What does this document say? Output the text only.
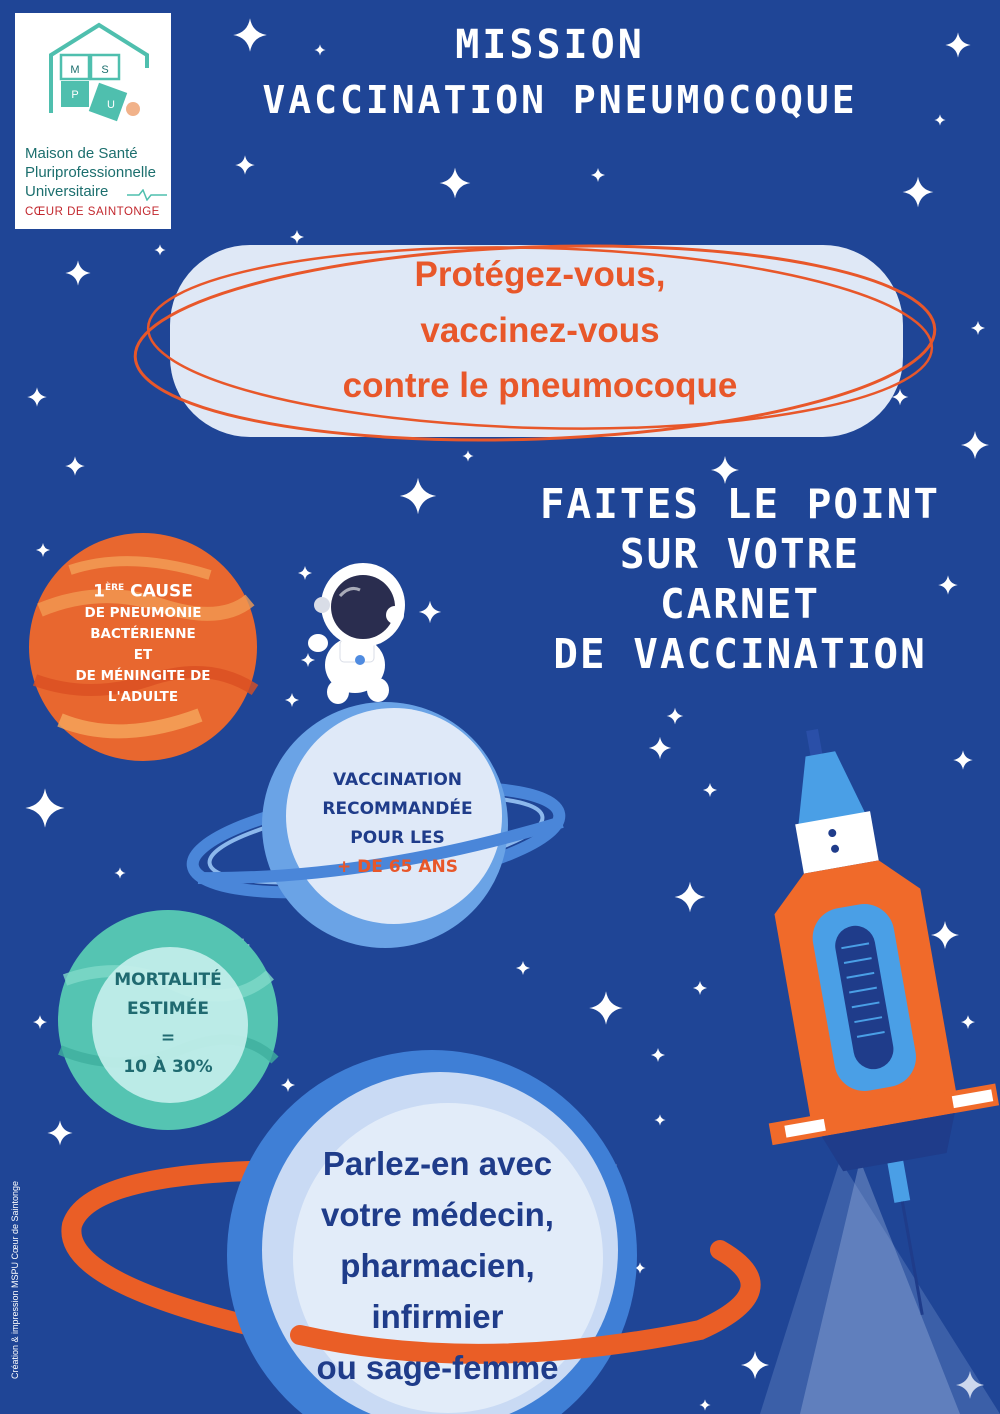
M S
P
U
Maison de Santé
Pluriprofessionnelle
Universitaire
CŒUR DE SAINTONGE
MISSION
VACCINATION PNEUMOCOQUE
Protégez-vous,
vaccinez-vous
contre le pneumocoque
FAITES LE POINT
SUR VOTRE
CARNET
DE VACCINATION
1ÈRE CAUSE
DE PNEUMONIE
BACTÉRIENNE
ET
DE MÉNINGITE DE
L'ADULTE
VACCINATION
RECOMMANDÉE
POUR LES
+ DE 65 ANS
MORTALITÉ
ESTIMÉE
=
10 À 30%
Parlez-en avec
votre médecin,
pharmacien,
infirmier
ou sage-femme
Création & impression MSPU Cœur de Saintonge
